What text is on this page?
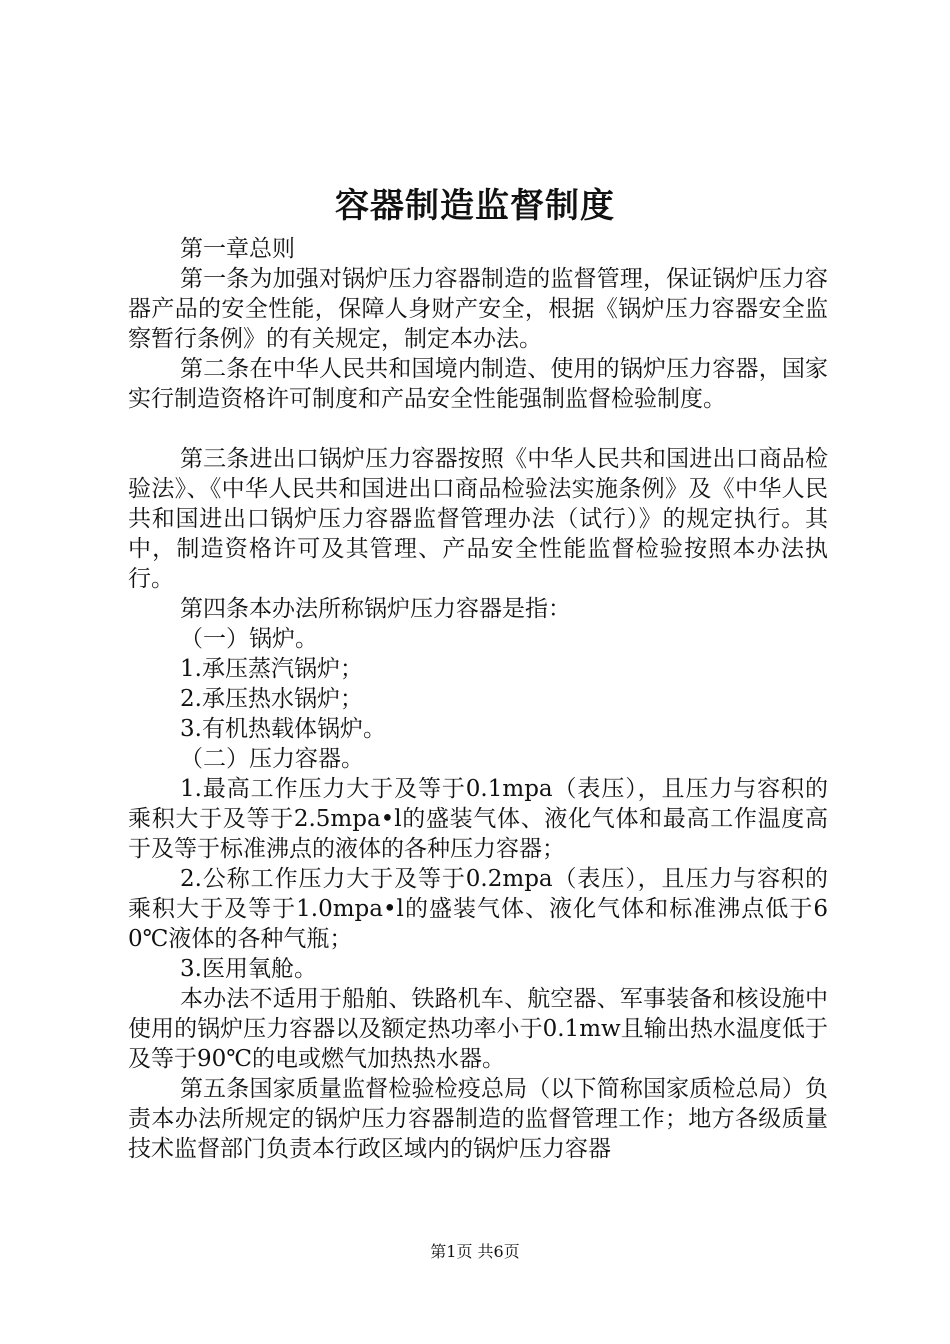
容器制造监督制度

第一章总则

第一条为加强对锅炉压力容器制造的监督管理，保证锅炉压力容器产品的安全性能，保障人身财产安全，根据《锅炉压力容器安全监察暂行条例》的有关规定，制定本办法。

第二条在中华人民共和国境内制造、使用的锅炉压力容器，国家实行制造资格许可制度和产品安全性能强制监督检验制度。

第三条进出口锅炉压力容器按照《中华人民共和国进出口商品检验法》、《中华人民共和国进出口商品检验法实施条例》及《中华人民共和国进出口锅炉压力容器监督管理办法（试行）》的规定执行。其中，制造资格许可及其管理、产品安全性能监督检验按照本办法执行。

第四条本办法所称锅炉压力容器是指：

（一）锅炉。

1.承压蒸汽锅炉；

2.承压热水锅炉；

3.有机热载体锅炉。

（二）压力容器。

1.最高工作压力大于及等于0.1mpa（表压），且压力与容积的乘积大于及等于2.5mpa•l的盛装气体、液化气体和最高工作温度高于及等于标准沸点的液体的各种压力容器；

2.公称工作压力大于及等于0.2mpa（表压），且压力与容积的乘积大于及等于1.0mpa•l的盛装气体、液化气体和标准沸点低于60℃液体的各种气瓶；

3.医用氧舱。

本办法不适用于船舶、铁路机车、航空器、军事装备和核设施中使用的锅炉压力容器以及额定热功率小于0.1mw且输出热水温度低于及等于90℃的电或燃气加热热水器。

第五条国家质量监督检验检疫总局（以下简称国家质检总局）负责本办法所规定的锅炉压力容器制造的监督管理工作；地方各级质量技术监督部门负责本行政区域内的锅炉压力容器

第1页 共6页
